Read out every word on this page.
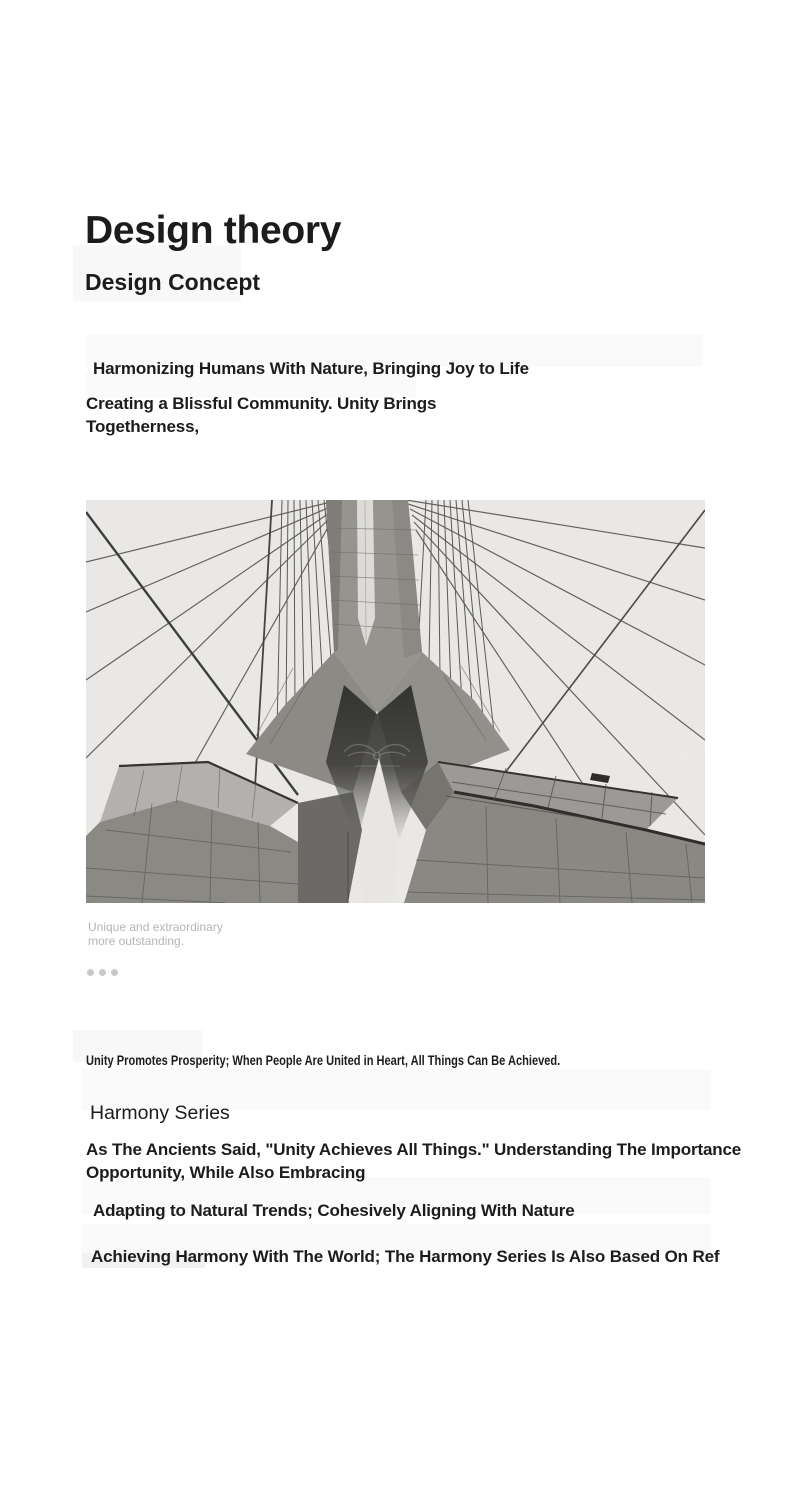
Design theory
Design Concept

Harmonizing Humans With Nature, Bringing Joy to Life

Creating a Blissful Community. Unity Brings
Togetherness,

Unique and extraordinary
more outstanding.

Unity Promotes Prosperity; When People Are United in Heart, All Things Can Be Achieved.

Harmony Series

As The Ancients Said, "Unity Achieves All Things." Understanding The Importance
Opportunity, While Also Embracing

Adapting to Natural Trends; Cohesively Aligning With Nature

Achieving Harmony With The World; The Harmony Series Is Also Based On Ref
